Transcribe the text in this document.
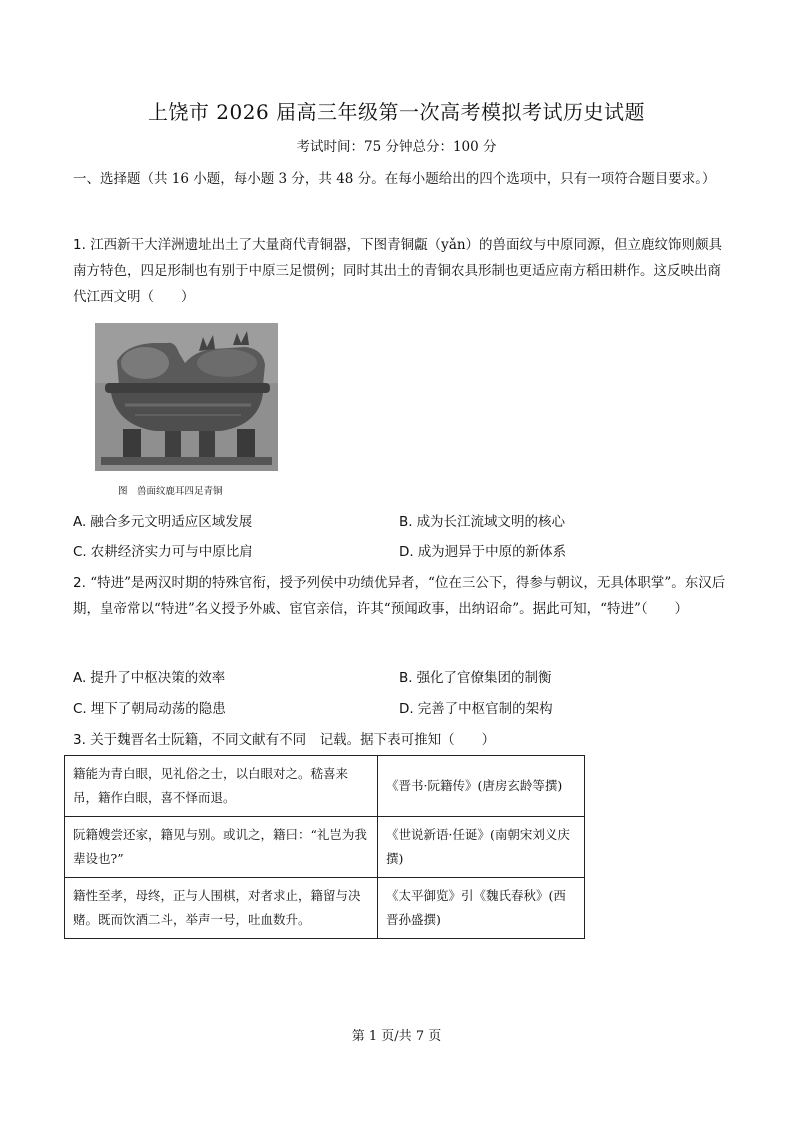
上饶市 2026 届高三年级第一次高考模拟考试历史试题
考试时间：75 分钟总分：100 分
一、选择题（共 16 小题，每小题 3 分，共 48 分。在每小题给出的四个选项中，只有一项符合题目要求。）
1. 江西新干大洋洲遗址出土了大量商代青铜器，下图青铜甗（yǎn）的兽面纹与中原同源，但立鹿纹饰则颇具南方特色，四足形制也有别于中原三足惯例；同时其出土的青铜农具形制也更适应南方稻田耕作。这反映出商代江西文明（　　）
图　兽面纹鹿耳四足青铜
A. 融合多元文明适应区域发展	B. 成为长江流域文明的核心
C. 农耕经济实力可与中原比肩	D. 成为迥异于中原的新体系
2. “特进”是两汉时期的特殊官衔，授予列侯中功绩优异者，“位在三公下，得参与朝议，无具体职掌”。东汉后期，皇帝常以“特进”名义授予外戚、宦官亲信，许其“预闻政事，出纳诏命”。据此可知，“特进”（　　）
A. 提升了中枢决策的效率	B. 强化了官僚集团的制衡
C. 埋下了朝局动荡的隐患	D. 完善了中枢官制的架构
3. 关于魏晋名士阮籍，不同文献有不同　记载。据下表可推知（　　）
籍能为青白眼，见礼俗之士，以白眼对之。嵇喜来吊，籍作白眼，喜不怿而退。	《晋书·阮籍传》(唐房玄龄等撰)
阮籍嫂尝还家，籍见与别。或讥之，籍曰：“礼岂为我辈设也?”	《世说新语·任诞》(南朝宋刘义庆撰)
籍性至孝，母终，正与人围棋，对者求止，籍留与决赌。既而饮酒二斗，举声一号，吐血数升。	《太平御览》引《魏氏春秋》(西晋孙盛撰)
第 1 页/共 7 页
